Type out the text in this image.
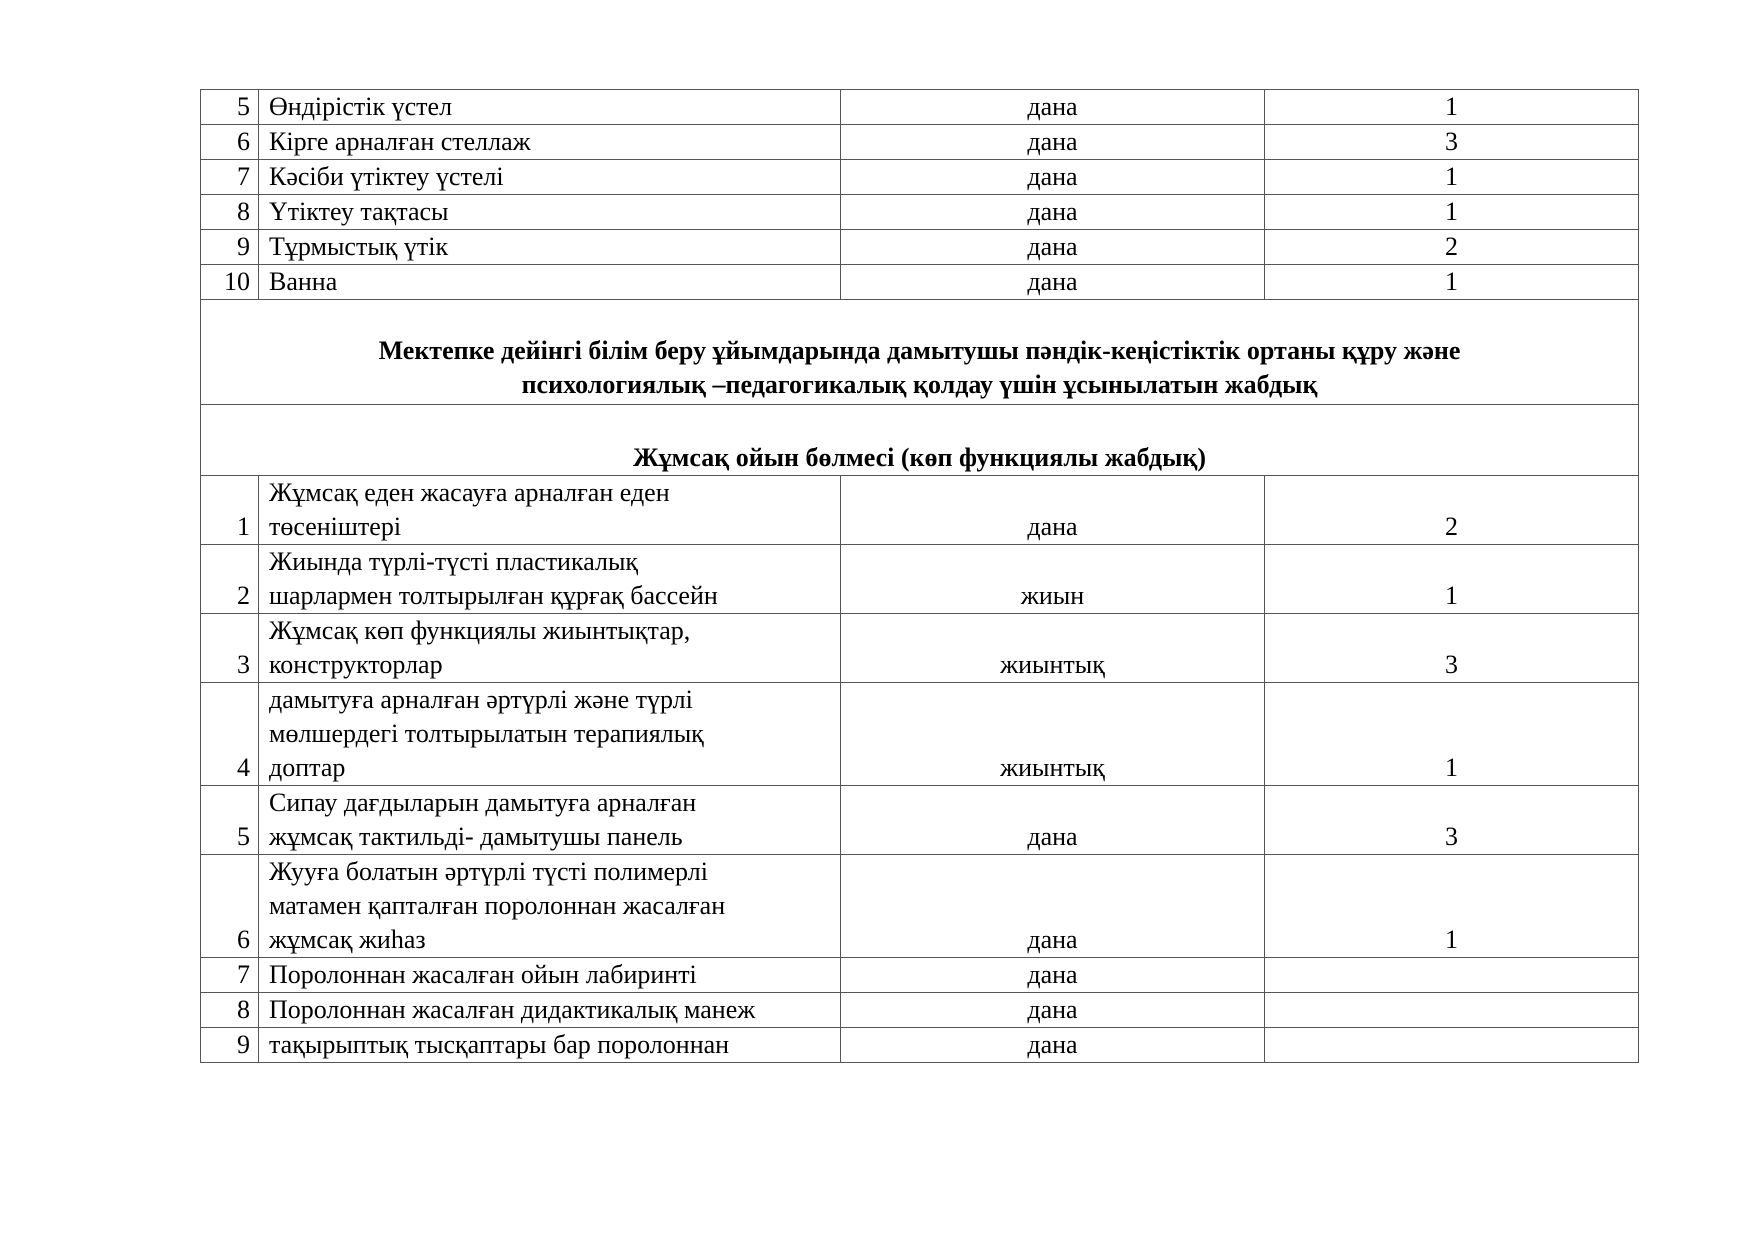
5	Өндірістік үстел	дана	1
6	Кірге арналған стеллаж	дана	3
7	Кәсіби үтіктеу үстелі	дана	1
8	Үтіктеу тақтасы	дана	1
9	Тұрмыстық үтік	дана	2
10	Ванна	дана	1

Мектепке дейінгі білім беру ұйымдарында дамытушы пәндік-кеңістіктік ортаны құру және
психологиялық –педагогикалық қолдау үшін ұсынылатын жабдық			

Жұмсақ ойын бөлмесі (көп функциялы жабдық)			
1	Жұмсақ еден жасауға арналған еден
төсеніштері	дана	2
2	Жиында түрлі-түсті пластикалық
шарлармен толтырылған құрғақ бассейн	жиын	1
3	Жұмсақ көп функциялы жиынтықтар,
конструкторлар	жиынтық	3
4	дамытуға арналған әртүрлі және түрлі
мөлшердегі толтырылатын терапиялық
доптар	жиынтық	1
5	Сипау дағдыларын дамытуға арналған
жұмсақ тактильді- дамытушы панель	дана	3
6	Жууға болатын әртүрлі түсті полимерлі
матамен қапталған поролоннан жасалған
жұмсақ жиhаз	дана	1
7	Поролоннан жасалған ойын лабиринті	дана	
8	Поролоннан жасалған дидактикалық манеж	дана	
9	тақырыптық тысқаптары бар поролоннан	дана	
